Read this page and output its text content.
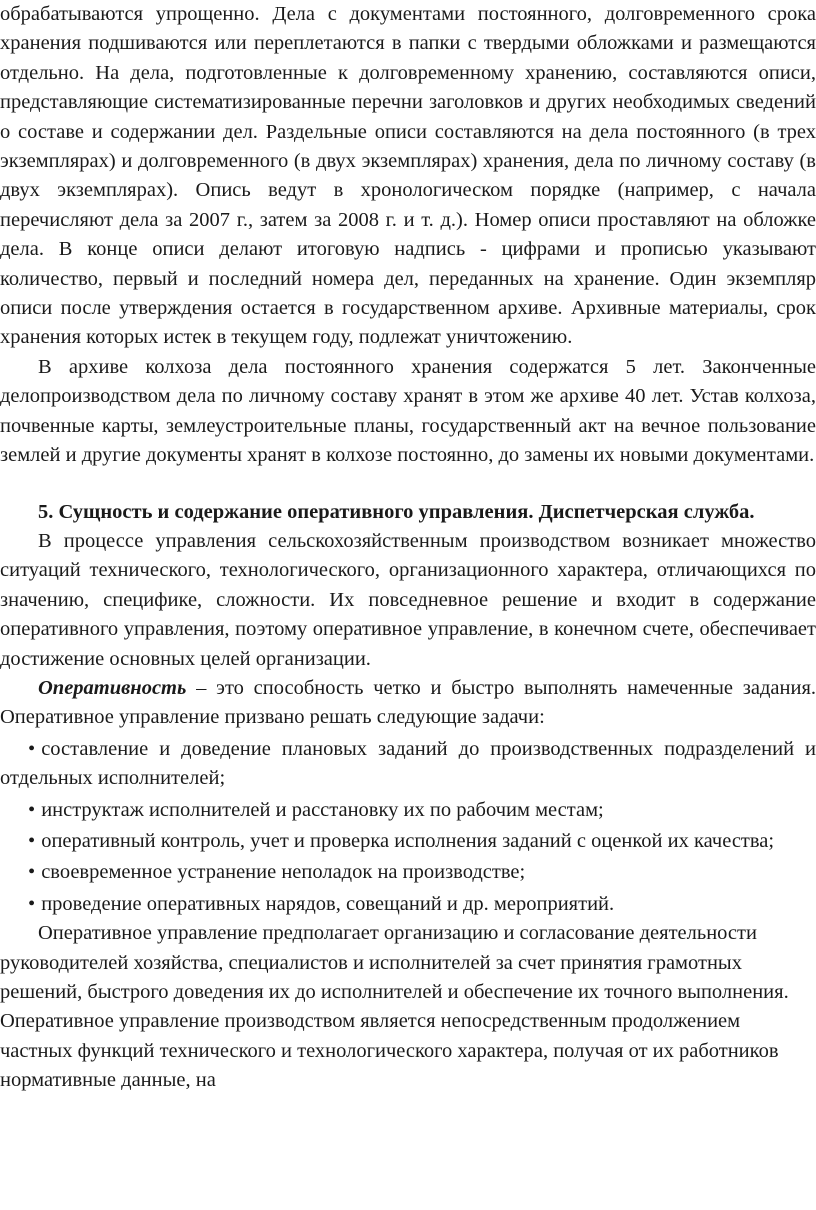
обрабатываются упрощенно. Дела с документами постоянного, долговременного срока хранения подшиваются или переплетаются в папки с твердыми обложками и размещаются отдельно. На дела, подготовленные к долговременному хранению, составляются описи, представляющие систематизированные перечни заголовков и других необходимых сведений о составе и содержании дел. Раздельные описи составляются на дела постоянного (в трех экземплярах) и долговременного (в двух экземплярах) хранения, дела по личному составу (в двух экземплярах). Опись ведут в хронологическом порядке (например, с начала перечисляют дела за 2007 г., затем за 2008 г. и т. д.). Номер описи проставляют на обложке дела. В конце описи делают итоговую надпись - цифрами и прописью указывают количество, первый и последний номера дел, переданных на хранение. Один экземпляр описи после утверждения остается в государственном архиве. Архивные материалы, срок хранения которых истек в текущем году, подлежат уничтожению.

В архиве колхоза дела постоянного хранения содержатся 5 лет. Законченные делопроизводством дела по личному составу хранят в этом же архиве 40 лет. Устав колхоза, почвенные карты, землеустроительные планы, государственный акт на вечное пользование землей и другие документы хранят в колхозе постоянно, до замены их новыми документами.

5. Сущность и содержание оперативного управления. Диспетчерская служба.

В процессе управления сельскохозяйственным производством возникает множество ситуаций технического, технологического, организационного характера, отличающихся по значению, специфике, сложности. Их повседневное решение и входит в содержание оперативного управления, поэтому оперативное управление, в конечном счете, обеспечивает достижение основных целей организации.

Оперативность – это способность четко и быстро выполнять намеченные задания. Оперативное управление призвано решать следующие задачи:

• составление и доведение плановых заданий до производственных подразделений и отдельных исполнителей;

• инструктаж исполнителей и расстановку их по рабочим местам;

• оперативный контроль, учет и проверка исполнения заданий с оценкой их качества;

• своевременное устранение неполадок на производстве;

• проведение оперативных нарядов, совещаний и др. мероприятий.

Оперативное управление предполагает организацию и согласование деятельности руководителей хозяйства, специалистов и исполнителей за счет принятия грамотных решений, быстрого доведения их до исполнителей и обеспечение их точного выполнения. Оперативное управление производством является непосредственным продолжением частных функций технического и технологического характера, получая от их работников нормативные данные, на
